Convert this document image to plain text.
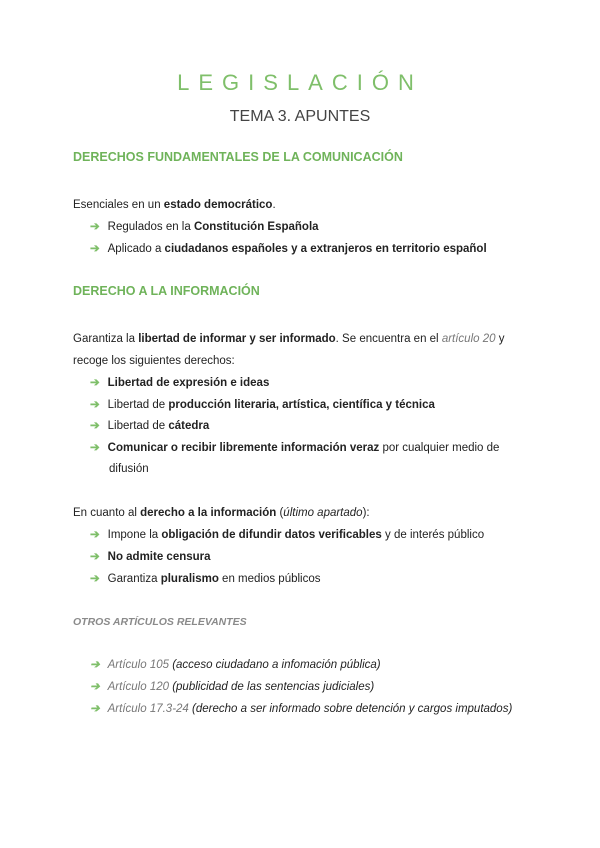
LEGISLACIÓN
TEMA 3. APUNTES
DERECHOS FUNDAMENTALES DE LA COMUNICACIÓN
Esenciales en un estado democrático.
➔ Regulados en la Constitución Española
➔ Aplicado a ciudadanos españoles y a extranjeros en territorio español
DERECHO A LA INFORMACIÓN
Garantiza la libertad de informar y ser informado. Se encuentra en el artículo 20 y
recoge los siguientes derechos:
➔ Libertad de expresión e ideas
➔ Libertad de producción literaria, artística, científica y técnica
➔ Libertad de cátedra
➔ Comunicar o recibir libremente información veraz por cualquier medio de
difusión
En cuanto al derecho a la información (último apartado):
➔ Impone la obligación de difundir datos verificables y de interés público
➔ No admite censura
➔ Garantiza pluralismo en medios públicos
OTROS ARTÍCULOS RELEVANTES
➔ Artículo 105 (acceso ciudadano a infomación pública)
➔ Artículo 120 (publicidad de las sentencias judiciales)
➔ Artículo 17.3-24 (derecho a ser informado sobre detención y cargos imputados)
